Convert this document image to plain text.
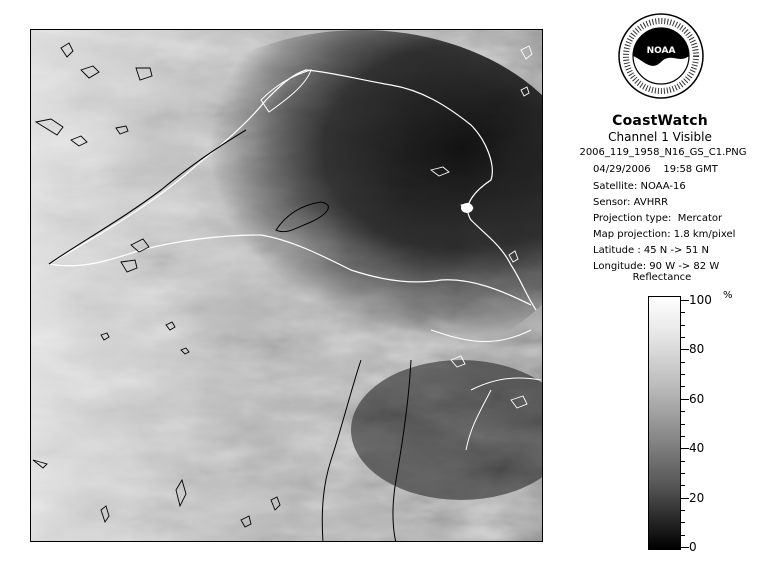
NOAA
CoastWatch
Channel 1 Visible
2006_119_1958_N16_GS_C1.PNG
04/29/2006    19:58 GMT
Satellite: NOAA-16
Sensor: AVHRR
Projection type:  Mercator
Map projection: 1.8 km/pixel
Latitude : 45 N -> 51 N
Longitude: 90 W -> 82 W
Reflectance
%
100
80
60
40
20
0
